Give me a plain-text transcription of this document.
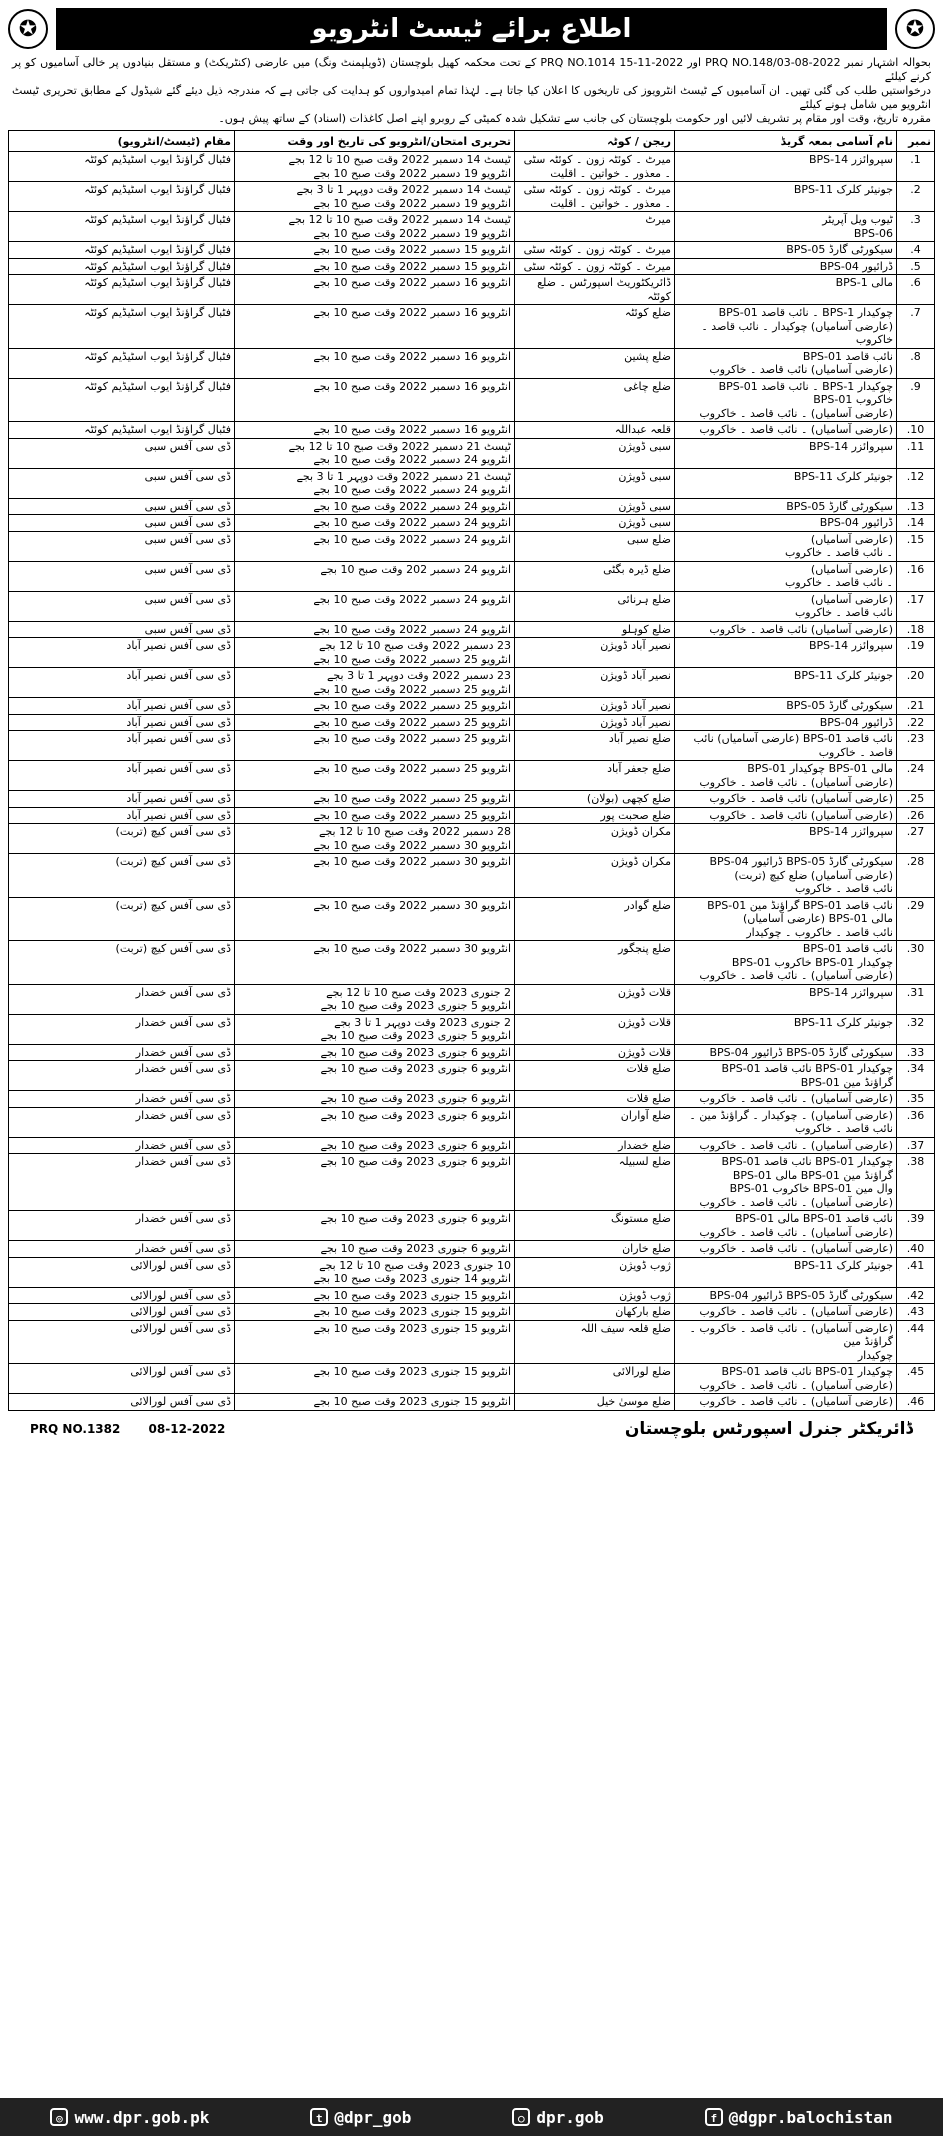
✪	اطلاع برائے ٹیسٹ انٹرویو	✪

بحوالہ اشتہار نمبر PRQ NO.148/03-08-2022 اور PRQ NO.1014 15-11-2022 کے تحت محکمہ کھیل بلوچستان (ڈویلپمنٹ ونگ) میں عارضی (کنٹریکٹ) و مستقل بنیادوں پر خالی آسامیوں کو پر کرنے کیلئے

درخواستیں طلب کی گئی تھیں۔ ان آسامیوں کے ٹیسٹ انٹرویوز کی تاریخوں کا اعلان کیا جاتا ہے۔ لہٰذا تمام امیدواروں کو ہدایت کی جاتی ہے کہ مندرجہ ذیل دیئے گئے شیڈول کے مطابق تحریری ٹیسٹ انٹرویو میں شامل ہونے کیلئے

مقررہ تاریخ، وقت اور مقام پر تشریف لائیں اور حکومت بلوچستان کی جانب سے تشکیل شدہ کمیٹی کے روبرو اپنے اصل کاغذات (اسناد) کے ساتھ پیش ہوں۔

نمبر	نام آسامی بمعہ گریڈ	ریجن / کوٹہ	تحریری امتحان/انٹرویو کی تاریخ اور وقت	مقام (ٹیسٹ/انٹرویو)
1.	سپروائزر BPS-14	میرٹ ۔ کوئٹہ زون ۔ کوئٹہ سٹی ۔ معذور ۔ خواتین ۔ اقلیت	ٹیسٹ 14 دسمبر 2022 وقت صبح 10 تا 12 بجے
انٹرویو 19 دسمبر 2022 وقت صبح 10 بجے	فٹبال گراؤنڈ ایوب اسٹیڈیم کوئٹہ
2.	جونیئر کلرک BPS-11	میرٹ ۔ کوئٹہ زون ۔ کوئٹہ سٹی ۔ معذور ۔ خواتین ۔ اقلیت	ٹیسٹ 14 دسمبر 2022 وقت دوپہر 1 تا 3 بجے
انٹرویو 19 دسمبر 2022 وقت صبح 10 بجے	فٹبال گراؤنڈ ایوب اسٹیڈیم کوئٹہ
3.	ٹیوب ویل آپریٹر
BPS-06	میرٹ	ٹیسٹ 14 دسمبر 2022 وقت صبح 10 تا 12 بجے
انٹرویو 19 دسمبر 2022 وقت صبح 10 بجے	فٹبال گراؤنڈ ایوب اسٹیڈیم کوئٹہ
4.	سیکورٹی گارڈ BPS-05	میرٹ ۔ کوئٹہ زون ۔ کوئٹہ سٹی	انٹرویو 15 دسمبر 2022 وقت صبح 10 بجے	فٹبال گراؤنڈ ایوب اسٹیڈیم کوئٹہ
5.	ڈرائیور BPS-04	میرٹ ۔ کوئٹہ زون ۔ کوئٹہ سٹی	انٹرویو 15 دسمبر 2022 وقت صبح 10 بجے	فٹبال گراؤنڈ ایوب اسٹیڈیم کوئٹہ
6.	مالی BPS-1	ڈائریکٹوریٹ اسپورٹس ۔ ضلع کوئٹہ	انٹرویو 16 دسمبر 2022 وقت صبح 10 بجے	فٹبال گراؤنڈ ایوب اسٹیڈیم کوئٹہ
7.	چوکیدار BPS-1 ۔ نائب قاصد BPS-01
(عارضی آسامیاں) چوکیدار ۔ نائب قاصد ۔ خاکروب	ضلع کوئٹہ	انٹرویو 16 دسمبر 2022 وقت صبح 10 بجے	فٹبال گراؤنڈ ایوب اسٹیڈیم کوئٹہ
8.	نائب قاصد BPS-01
(عارضی آسامیاں) نائب قاصد ۔ خاکروب	ضلع پشین	انٹرویو 16 دسمبر 2022 وقت صبح 10 بجے	فٹبال گراؤنڈ ایوب اسٹیڈیم کوئٹہ
9.	چوکیدار BPS-1 ۔ نائب قاصد BPS-01
خاکروب BPS-01
(عارضی آسامیاں) ۔ نائب قاصد ۔ خاکروب	ضلع چاغی	انٹرویو 16 دسمبر 2022 وقت صبح 10 بجے	فٹبال گراؤنڈ ایوب اسٹیڈیم کوئٹہ
10.	(عارضی آسامیاں) ۔ نائب قاصد ۔ خاکروب	قلعہ عبداللہ	انٹرویو 16 دسمبر 2022 وقت صبح 10 بجے	فٹبال گراؤنڈ ایوب اسٹیڈیم کوئٹہ
11.	سپروائزر BPS-14	سبی ڈویژن	ٹیسٹ 21 دسمبر 2022 وقت صبح 10 تا 12 بجے
انٹرویو 24 دسمبر 2022 وقت صبح 10 بجے	ڈی سی آفس سبی
12.	جونیئر کلرک BPS-11	سبی ڈویژن	ٹیسٹ 21 دسمبر 2022 وقت دوپہر 1 تا 3 بجے
انٹرویو 24 دسمبر 2022 وقت صبح 10 بجے	ڈی سی آفس سبی
13.	سیکورٹی گارڈ BPS-05	سبی ڈویژن	انٹرویو 24 دسمبر 2022 وقت صبح 10 بجے	ڈی سی آفس سبی
14.	ڈرائیور BPS-04	سبی ڈویژن	انٹرویو 24 دسمبر 2022 وقت صبح 10 بجے	ڈی سی آفس سبی
15.	(عارضی آسامیاں)
۔ نائب قاصد ۔ خاکروب	ضلع سبی	انٹرویو 24 دسمبر 2022 وقت صبح 10 بجے	ڈی سی آفس سبی
16.	(عارضی آسامیاں)
۔ نائب قاصد ۔ خاکروب	ضلع ڈیرہ بگٹی	انٹرویو 24 دسمبر 202 وقت صبح 10 بجے	ڈی سی آفس سبی
17.	(عارضی آسامیاں)
نائب قاصد ۔ خاکروب	ضلع ہرنائی	انٹرویو 24 دسمبر 2022 وقت صبح 10 بجے	ڈی سی آفس سبی
18.	(عارضی آسامیاں) نائب قاصد ۔ خاکروب	ضلع کوہلو	انٹرویو 24 دسمبر 2022 وقت صبح 10 بجے	ڈی سی آفس سبی
19.	سپروائزر BPS-14	نصیر آباد ڈویژن	23 دسمبر 2022 وقت صبح 10 تا 12 بجے
انٹرویو 25 دسمبر 2022 وقت صبح 10 بجے	ڈی سی آفس نصیر آباد
20.	جونیئر کلرک BPS-11	نصیر آباد ڈویژن	23 دسمبر 2022 وقت دوپہر 1 تا 3 بجے
انٹرویو 25 دسمبر 2022 وقت صبح 10 بجے	ڈی سی آفس نصیر آباد
21.	سیکورٹی گارڈ BPS-05	نصیر آباد ڈویژن	انٹرویو 25 دسمبر 2022 وقت صبح 10 بجے	ڈی سی آفس نصیر آباد
22.	ڈرائیور BPS-04	نصیر آباد ڈویژن	انٹرویو 25 دسمبر 2022 وقت صبح 10 بجے	ڈی سی آفس نصیر آباد
23.	نائب قاصد BPS-01 (عارضی آسامیاں) نائب
قاصد ۔ خاکروب	ضلع نصیر آباد	انٹرویو 25 دسمبر 2022 وقت صبح 10 بجے	ڈی سی آفس نصیر آباد
24.	مالی BPS-01 چوکیدار BPS-01
(عارضی آسامیاں) ۔ نائب قاصد ۔ خاکروب	ضلع جعفر آباد	انٹرویو 25 دسمبر 2022 وقت صبح 10 بجے	ڈی سی آفس نصیر آباد
25.	(عارضی آسامیاں) نائب قاصد ۔ خاکروب	ضلع کچھی (بولان)	انٹرویو 25 دسمبر 2022 وقت صبح 10 بجے	ڈی سی آفس نصیر آباد
26.	(عارضی آسامیاں) نائب قاصد ۔ خاکروب	ضلع صحبت پور	انٹرویو 25 دسمبر 2022 وقت صبح 10 بجے	ڈی سی آفس نصیر آباد
27.	سپروائزر BPS-14	مکران ڈویژن	28 دسمبر 2022 وقت صبح 10 تا 12 بجے
انٹرویو 30 دسمبر 2022 وقت صبح 10 بجے	ڈی سی آفس کیچ (تربت)
28.	سیکورٹی گارڈ BPS-05 ڈرائیور BPS-04
(عارضی آسامیاں) ضلع کیچ (تربت)
نائب قاصد ۔ خاکروب	مکران ڈویژن	انٹرویو 30 دسمبر 2022 وقت صبح 10 بجے	ڈی سی آفس کیچ (تربت)
29.	نائب قاصد BPS-01 گراؤنڈ مین BPS-01
مالی BPS-01 (عارضی آسامیاں)
نائب قاصد ۔ خاکروب ۔ چوکیدار	ضلع گوادر	انٹرویو 30 دسمبر 2022 وقت صبح 10 بجے	ڈی سی آفس کیچ (تربت)
30.	نائب قاصد BPS-01
چوکیدار BPS-01 خاکروب BPS-01
(عارضی آسامیاں) ۔ نائب قاصد ۔ خاکروب	ضلع پنجگور	انٹرویو 30 دسمبر 2022 وقت صبح 10 بجے	ڈی سی آفس کیچ (تربت)
31.	سپروائزر BPS-14	قلات ڈویژن	2 جنوری 2023 وقت صبح 10 تا 12 بجے
انٹرویو 5 جنوری 2023 وقت صبح 10 بجے	ڈی سی آفس خضدار
32.	جونیئر کلرک BPS-11	قلات ڈویژن	2 جنوری 2023 وقت دوپہر 1 تا 3 بجے
انٹرویو 5 جنوری 2023 وقت صبح 10 بجے	ڈی سی آفس خضدار
33.	سیکورٹی گارڈ BPS-05 ڈرائیور BPS-04	قلات ڈویژن	انٹرویو 6 جنوری 2023 وقت صبح 10 بجے	ڈی سی آفس خضدار
34.	چوکیدار BPS-01 نائب قاصد BPS-01
گراؤنڈ مین BPS-01	ضلع قلات	انٹرویو 6 جنوری 2023 وقت صبح 10 بجے	ڈی سی آفس خضدار
35.	(عارضی آسامیاں) ۔ نائب قاصد ۔ خاکروب	ضلع قلات	انٹرویو 6 جنوری 2023 وقت صبح 10 بجے	ڈی سی آفس خضدار
36.	(عارضی آسامیاں) ۔ چوکیدار ۔ گراؤنڈ مین ۔
نائب قاصد ۔ خاکروب	ضلع آواران	انٹرویو 6 جنوری 2023 وقت صبح 10 بجے	ڈی سی آفس خضدار
37.	(عارضی آسامیاں) ۔ نائب قاصد ۔ خاکروب	ضلع خضدار	انٹرویو 6 جنوری 2023 وقت صبح 10 بجے	ڈی سی آفس خضدار
38.	چوکیدار BPS-01 نائب قاصد BPS-01
گراؤنڈ مین BPS-01 مالی BPS-01
وال مین BPS-01 خاکروب BPS-01
(عارضی آسامیاں) ۔ نائب قاصد ۔ خاکروب	ضلع لسبیلہ	انٹرویو 6 جنوری 2023 وقت صبح 10 بجے	ڈی سی آفس خضدار
39.	نائب قاصد BPS-01 مالی BPS-01
(عارضی آسامیاں) ۔ نائب قاصد ۔ خاکروب	ضلع مستونگ	انٹرویو 6 جنوری 2023 وقت صبح 10 بجے	ڈی سی آفس خضدار
40.	(عارضی آسامیاں) ۔ نائب قاصد ۔ خاکروب	ضلع خاران	انٹرویو 6 جنوری 2023 وقت صبح 10 بجے	ڈی سی آفس خضدار
41.	جونیئر کلرک BPS-11	ژوب ڈویژن	10 جنوری 2023 وقت صبح 10 تا 12 بجے
انٹرویو 14 جنوری 2023 وقت صبح 10 بجے	ڈی سی آفس لورالائی
42.	سیکورٹی گارڈ BPS-05 ڈرائیور BPS-04	ژوب ڈویژن	انٹرویو 15 جنوری 2023 وقت صبح 10 بجے	ڈی سی آفس لورالائی
43.	(عارضی آسامیاں) ۔ نائب قاصد ۔ خاکروب	ضلع بارکھان	انٹرویو 15 جنوری 2023 وقت صبح 10 بجے	ڈی سی آفس لورالائی
44.	(عارضی آسامیاں) ۔ نائب قاصد ۔ خاکروب ۔ گراؤنڈ مین
چوکیدار	ضلع قلعہ سیف اللہ	انٹرویو 15 جنوری 2023 وقت صبح 10 بجے	ڈی سی آفس لورالائی
45.	چوکیدار BPS-01 نائب قاصد BPS-01
(عارضی آسامیاں) ۔ نائب قاصد ۔ خاکروب	ضلع لورالائی	انٹرویو 15 جنوری 2023 وقت صبح 10 بجے	ڈی سی آفس لورالائی
46.	(عارضی آسامیاں) ۔ نائب قاصد ۔ خاکروب	ضلع موسیٰ خیل	انٹرویو 15 جنوری 2023 وقت صبح 10 بجے	ڈی سی آفس لورالائی
PRQ NO.1382 08-12-2022	ڈائریکٹر جنرل اسپورٹس بلوچستان
◎ www.dpr.gob.pk	t @dpr_gob	○ dpr.gob	f @dgpr.balochistan
